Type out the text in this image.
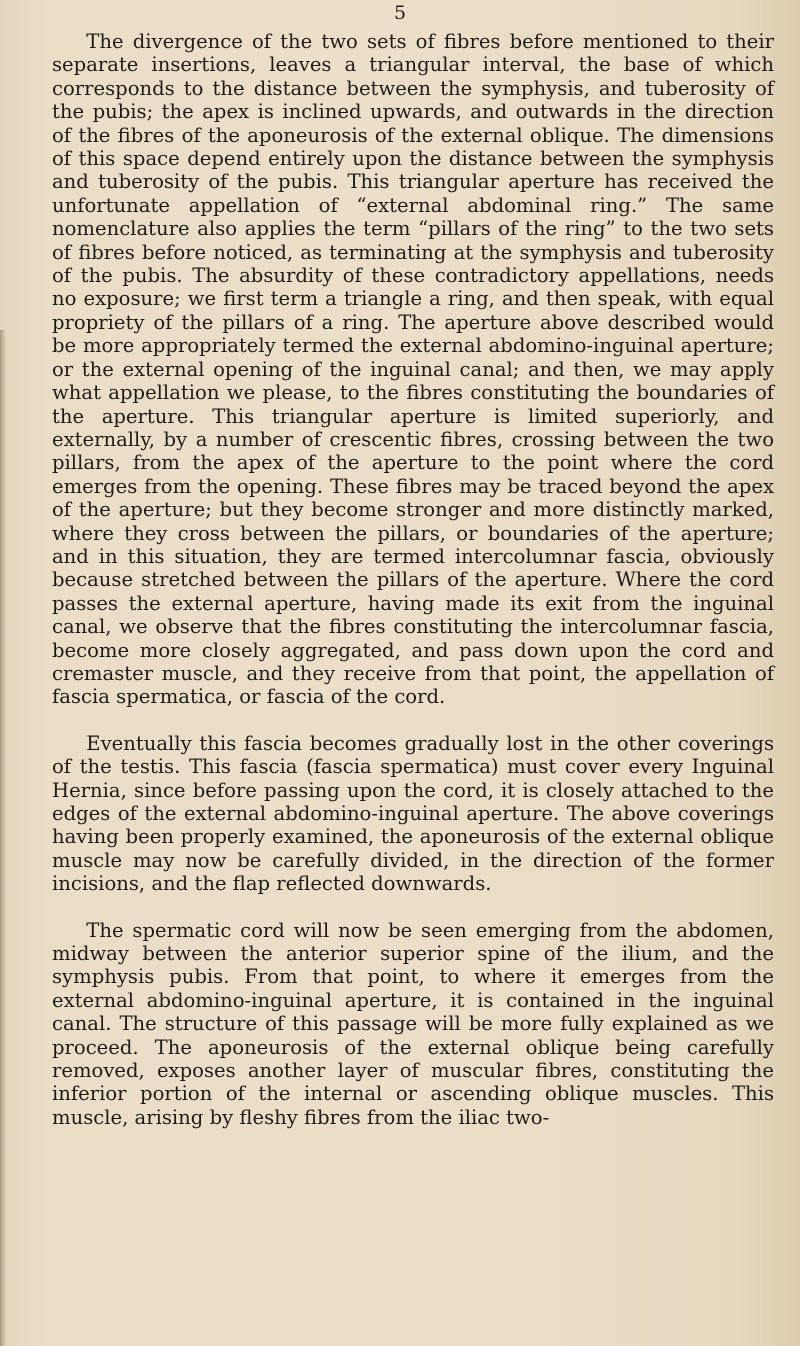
5

The divergence of the two sets of fibres before mentioned to their separate insertions, leaves a triangular interval, the base of which corresponds to the distance between the symphysis, and tuberosity of the pubis; the apex is inclined upwards, and outwards in the direction of the fibres of the aponeurosis of the external oblique. The dimensions of this space depend entirely upon the distance between the symphysis and tuberosity of the pubis. This triangular aperture has received the unfortunate appellation of “external abdominal ring.” The same nomenclature also applies the term “pillars of the ring” to the two sets of fibres before noticed, as terminating at the symphysis and tuberosity of the pubis. The absurdity of these contradictory appellations, needs no exposure; we first term a triangle a ring, and then speak, with equal propriety of the pillars of a ring. The aperture above described would be more appropriately termed the external abdomino-inguinal aperture; or the external opening of the inguinal canal; and then, we may apply what appellation we please, to the fibres constituting the boundaries of the aperture. This triangular aperture is limited superiorly, and externally, by a number of crescentic fibres, crossing between the two pillars, from the apex of the aperture to the point where the cord emerges from the opening. These fibres may be traced beyond the apex of the aperture; but they become stronger and more distinctly marked, where they cross between the pillars, or boundaries of the aperture; and in this situation, they are termed intercolumnar fascia, obviously because stretched between the pillars of the aperture. Where the cord passes the external aperture, having made its exit from the inguinal canal, we observe that the fibres constituting the intercolumnar fascia, become more closely aggregated, and pass down upon the cord and cremaster muscle, and they receive from that point, the appellation of fascia spermatica, or fascia of the cord.

Eventually this fascia becomes gradually lost in the other coverings of the testis. This fascia (fascia spermatica) must cover every Inguinal Hernia, since before passing upon the cord, it is closely attached to the edges of the external abdomino-inguinal aperture. The above coverings having been properly examined, the aponeurosis of the external oblique muscle may now be carefully divided, in the direction of the former incisions, and the flap reflected downwards.

The spermatic cord will now be seen emerging from the abdomen, midway between the anterior superior spine of the ilium, and the symphysis pubis. From that point, to where it emerges from the external abdomino-inguinal aperture, it is contained in the inguinal canal. The structure of this passage will be more fully explained as we proceed. The aponeurosis of the external oblique being carefully removed, exposes another layer of muscular fibres, constituting the inferior portion of the internal or ascending oblique muscles. This muscle, arising by fleshy fibres from the iliac two-
